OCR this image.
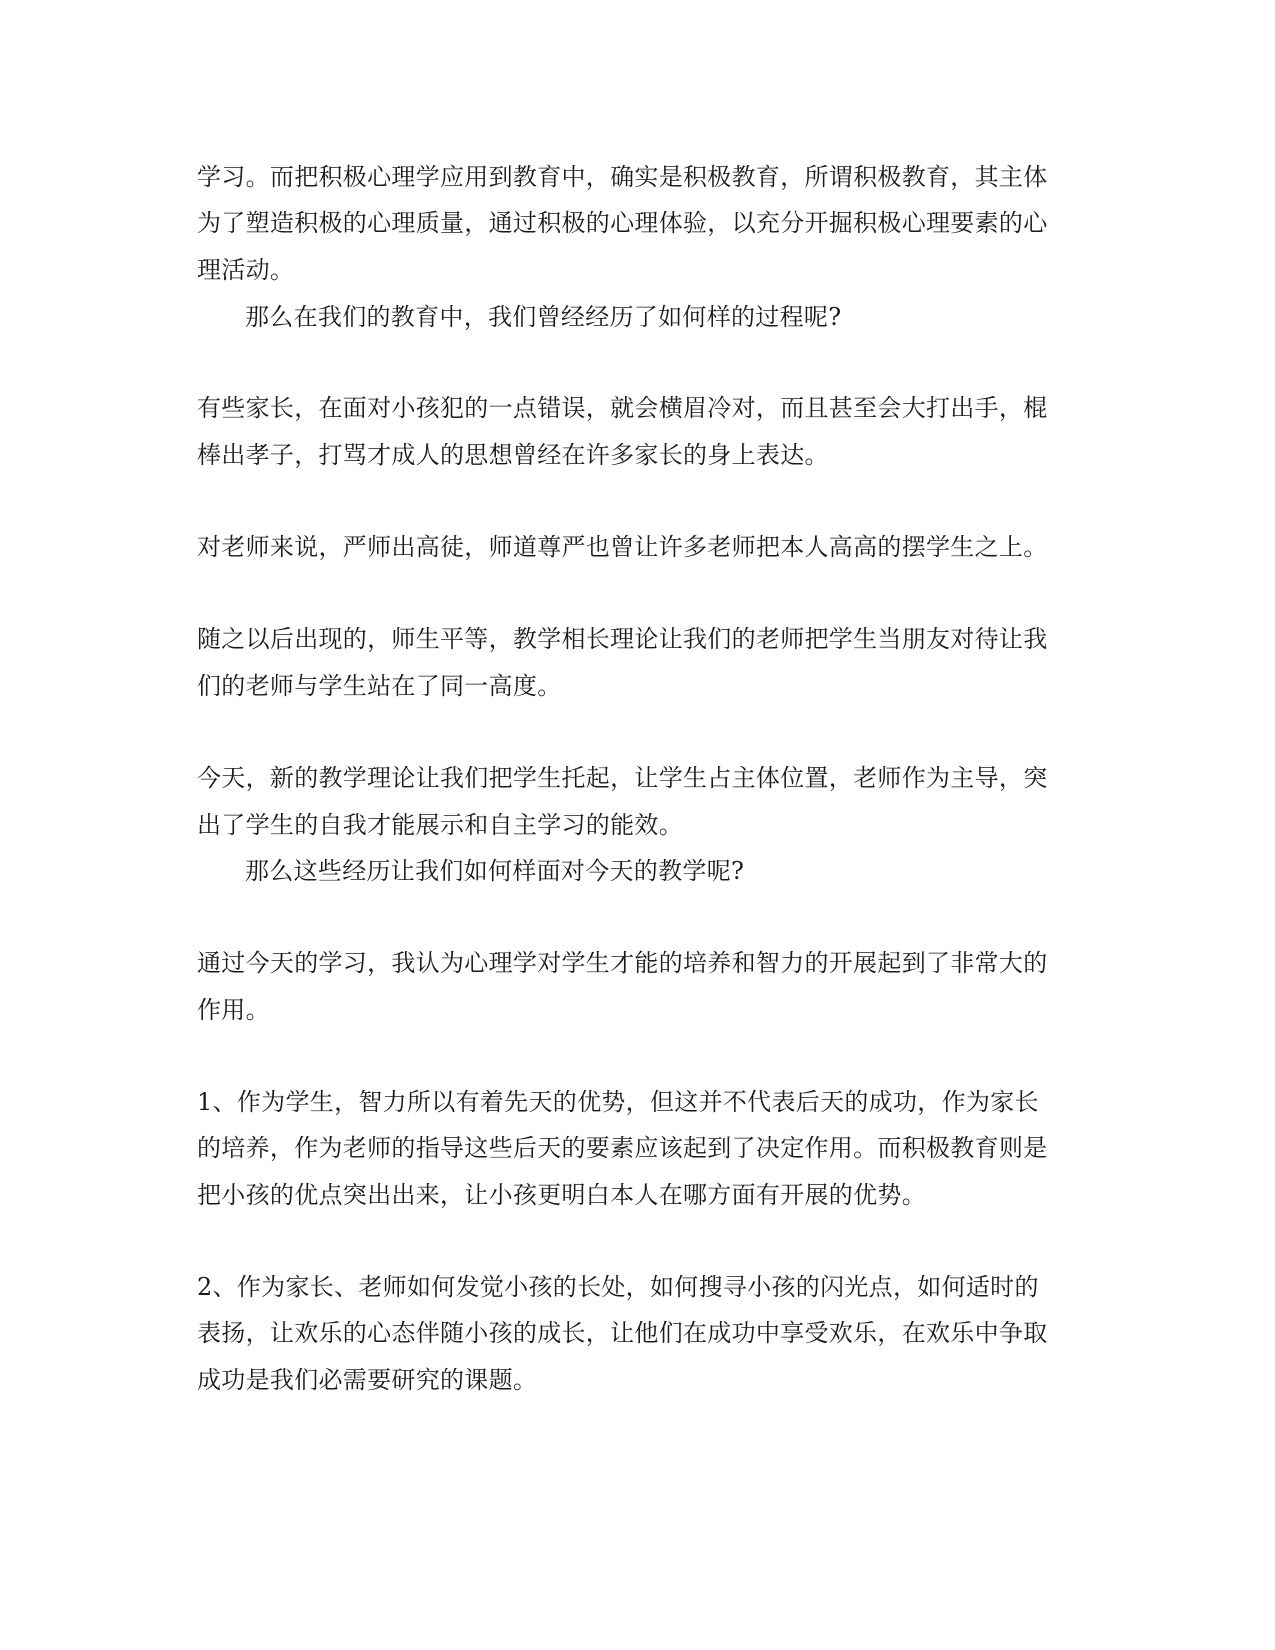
学习。而把积极心理学应用到教育中，确实是积极教育，所谓积极教育，其主体
为了塑造积极的心理质量，通过积极的心理体验，以充分开掘积极心理要素的心
理活动。
那么在我们的教育中，我们曾经经历了如何样的过程呢?
有些家长，在面对小孩犯的一点错误，就会横眉冷对，而且甚至会大打出手，棍
棒出孝子，打骂才成人的思想曾经在许多家长的身上表达。
对老师来说，严师出高徒，师道尊严也曾让许多老师把本人高高的摆学生之上。
随之以后出现的，师生平等，教学相长理论让我们的老师把学生当朋友对待让我
们的老师与学生站在了同一高度。
今天，新的教学理论让我们把学生托起，让学生占主体位置，老师作为主导，突
出了学生的自我才能展示和自主学习的能效。
那么这些经历让我们如何样面对今天的教学呢?
通过今天的学习，我认为心理学对学生才能的培养和智力的开展起到了非常大的
作用。
1、作为学生，智力所以有着先天的优势，但这并不代表后天的成功，作为家长
的培养，作为老师的指导这些后天的要素应该起到了决定作用。而积极教育则是
把小孩的优点突出出来，让小孩更明白本人在哪方面有开展的优势。
2、作为家长、老师如何发觉小孩的长处，如何搜寻小孩的闪光点，如何适时的
表扬，让欢乐的心态伴随小孩的成长，让他们在成功中享受欢乐，在欢乐中争取
成功是我们必需要研究的课题。
